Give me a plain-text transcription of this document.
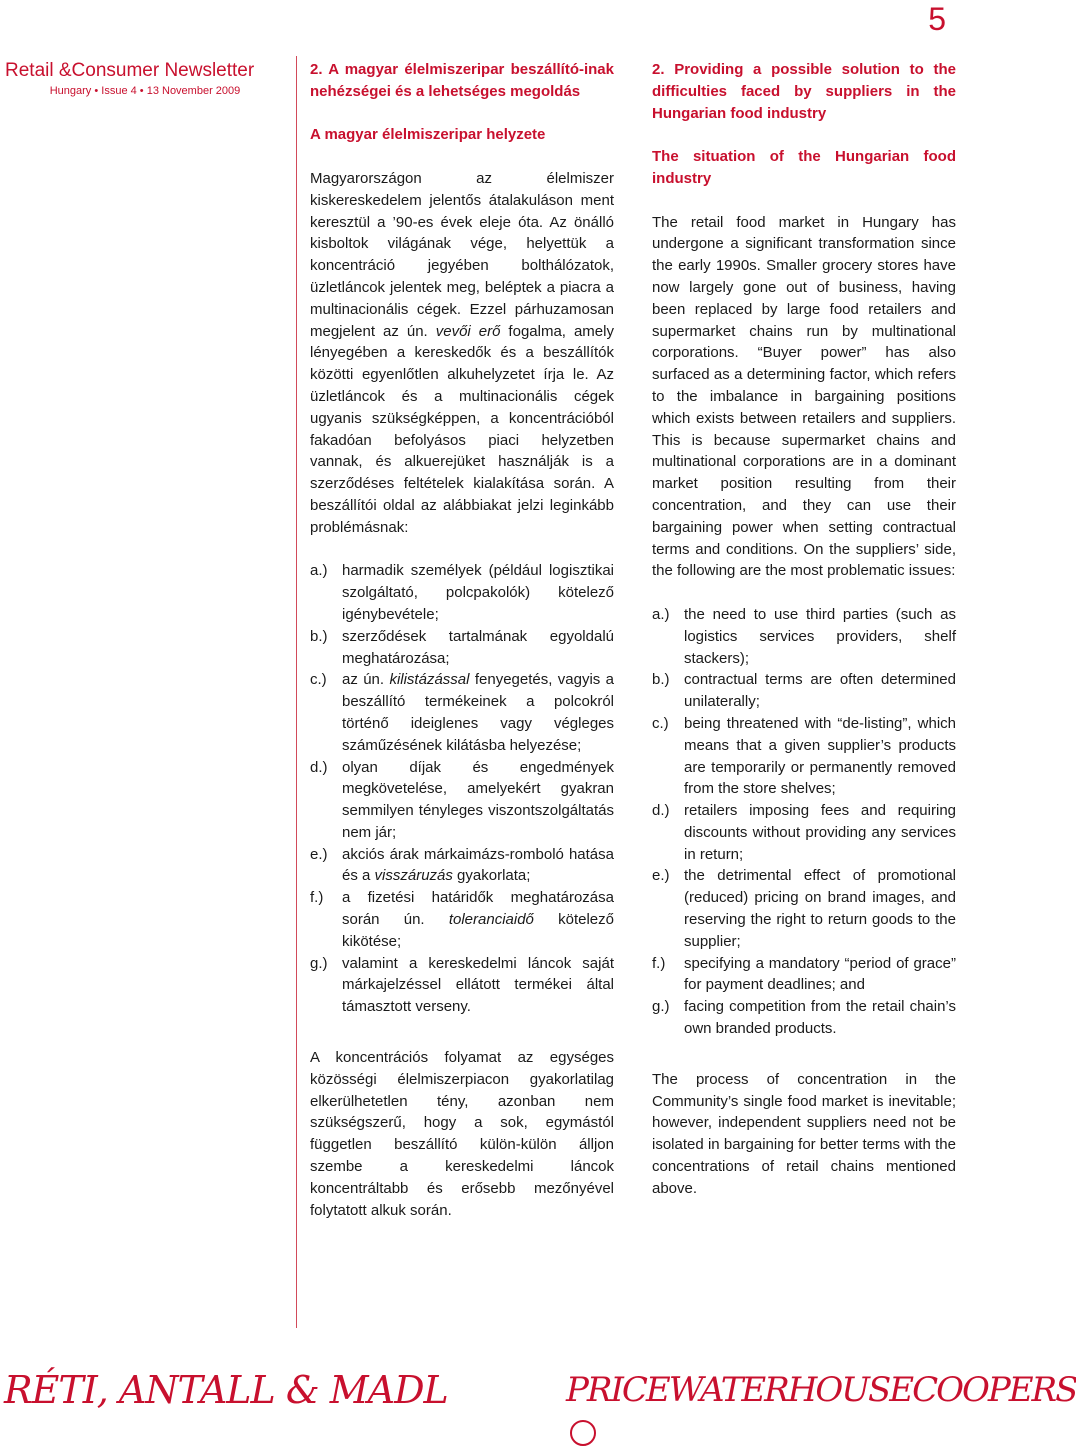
5
Retail &Consumer Newsletter
Hungary • Issue 4 • 13 November 2009
2. A magyar élelmiszeripar beszállító-inak nehézségei és a lehetséges megoldás
A magyar élelmiszeripar helyzete

Magyarországon az élelmiszer kiskereskedelem jelentős átalakuláson ment keresztül a ’90-es évek eleje óta. Az önálló kisboltok világának vége, helyettük a koncentráció jegyében bolthálózatok, üzletláncok jelentek meg, beléptek a piacra a multinacionális cégek. Ezzel párhuzamosan megjelent az ún. vevői erő fogalma, amely lényegében a kereskedők és a beszállítók közötti egyenlőtlen alkuhelyzetet írja le. Az üzletláncok és a multinacionális cégek ugyanis szükségképpen, a koncentrációból fakadóan befolyásos piaci helyzetben vannak, és alkuerejüket használják is a szerződéses feltételek kialakítása során. A beszállítói oldal az alábbiakat jelzi leginkább problémásnak:

a.) harmadik személyek (például logisztikai szolgáltató, polcpakolók) kötelező igénybevétele;
b.) szerződések tartalmának egyoldalú meghatározása;
c.) az ún. kilistázással fenyegetés, vagyis a beszállító termékeinek a polcokról történő ideiglenes vagy végleges száműzésének kilátásba helyezése;
d.) olyan díjak és engedmények megkövetelése, amelyekért gyakran semmilyen tényleges viszontszolgáltatás nem jár;
e.) akciós árak márkaimázs-romboló hatása és a visszáruzás gyakorlata;
f.) a fizetési határidők meghatározása során ún. toleranciaidő kötelező kikötése;
g.) valamint a kereskedelmi láncok saját márkajelzéssel ellátott termékei által támasztott verseny.

A koncentrációs folyamat az egységes közösségi élelmiszerpiacon gyakorlatilag elkerülhetetlen tény, azonban nem szükségszerű, hogy a sok, egymástól független beszállító külön-külön álljon szembe a kereskedelmi láncok koncentráltabb és erősebb mezőnyével folytatott alkuk során.

2. Providing a possible solution to the difficulties faced by suppliers in the Hungarian food industry
The situation of the Hungarian food industry

The retail food market in Hungary has undergone a significant transformation since the early 1990s. Smaller grocery stores have now largely gone out of business, having been replaced by large food retailers and supermarket chains run by multinational corporations. “Buyer power” has also surfaced as a determining factor, which refers to the imbalance in bargaining positions which exists between retailers and suppliers. This is because supermarket chains and multinational corporations are in a dominant market position resulting from their concentration, and they can use their bargaining power when setting contractual terms and conditions. On the suppliers’ side, the following are the most problematic issues:

a.) the need to use third parties (such as logistics services providers, shelf stackers);
b.) contractual terms are often determined unilaterally;
c.) being threatened with “de-listing”, which means that a given supplier’s products are temporarily or permanently removed from the store shelves;
d.) retailers imposing fees and requiring discounts without providing any services in return;
e.) the detrimental effect of promotional (reduced) pricing on brand images, and reserving the right to return goods to the supplier;
f.) specifying a mandatory “period of grace” for payment deadlines; and
g.) facing competition from the retail chain’s own branded products.

The process of concentration in the Community’s single food market is inevitable; however, independent suppliers need not be isolated in bargaining for better terms with the concentrations of retail chains mentioned above.

RÉTI, ANTALL & MADL	PRICEWATERHOUSECOOPERS
